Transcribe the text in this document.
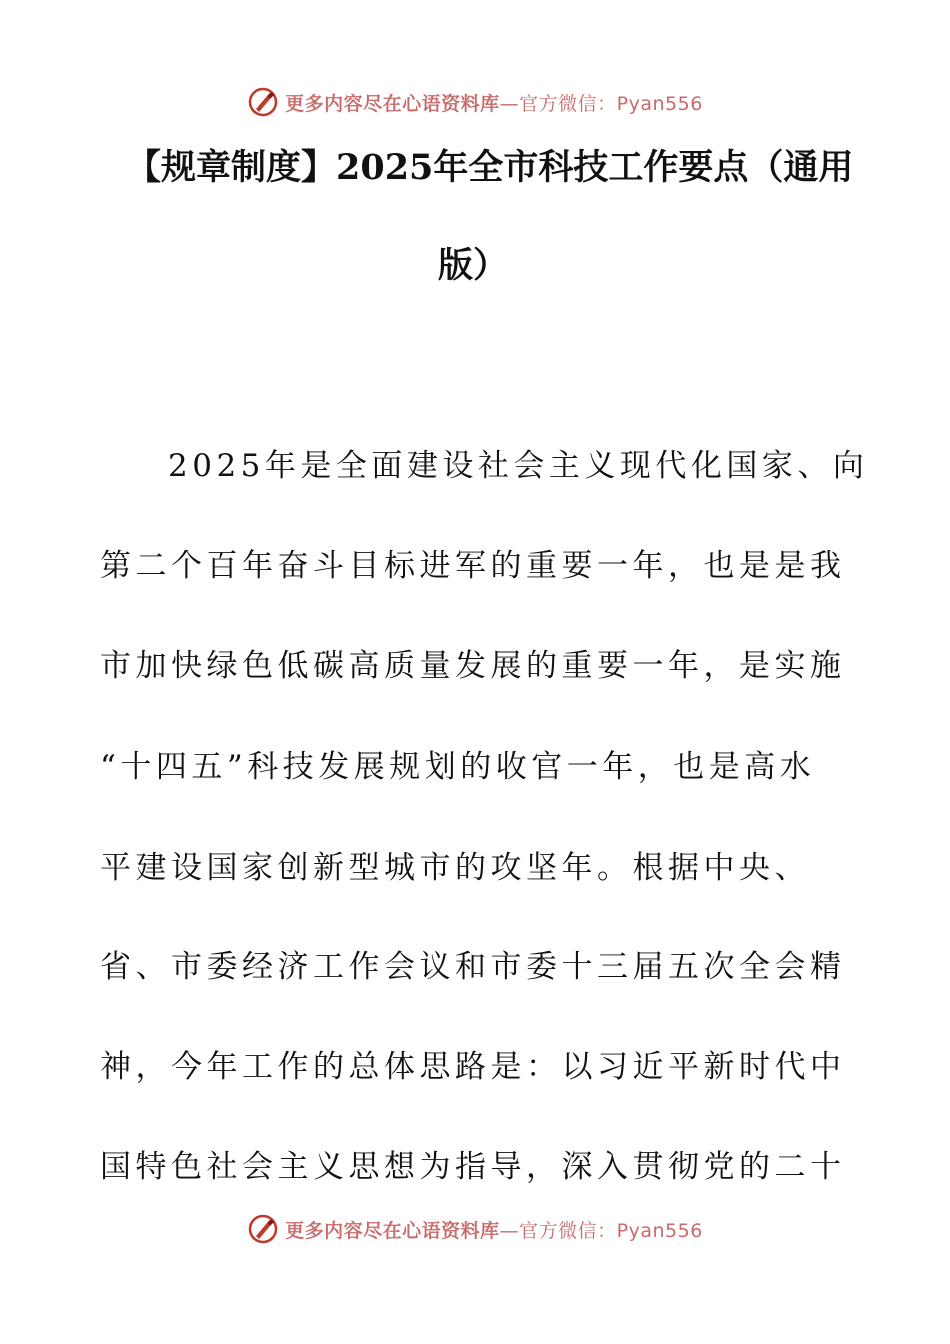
更多内容尽在心语资料库—官方微信：Pyan556
【规章制度】2025年全市科技工作要点（通用
版）
2025年是全面建设社会主义现代化国家、向
第二个百年奋斗目标进军的重要一年，也是是我
市加快绿色低碳高质量发展的重要一年，是实施
“十四五”科技发展规划的收官一年，也是高水
平建设国家创新型城市的攻坚年。根据中央、
省、市委经济工作会议和市委十三届五次全会精
神，今年工作的总体思路是：以习近平新时代中
国特色社会主义思想为指导，深入贯彻党的二十
更多内容尽在心语资料库—官方微信：Pyan556
